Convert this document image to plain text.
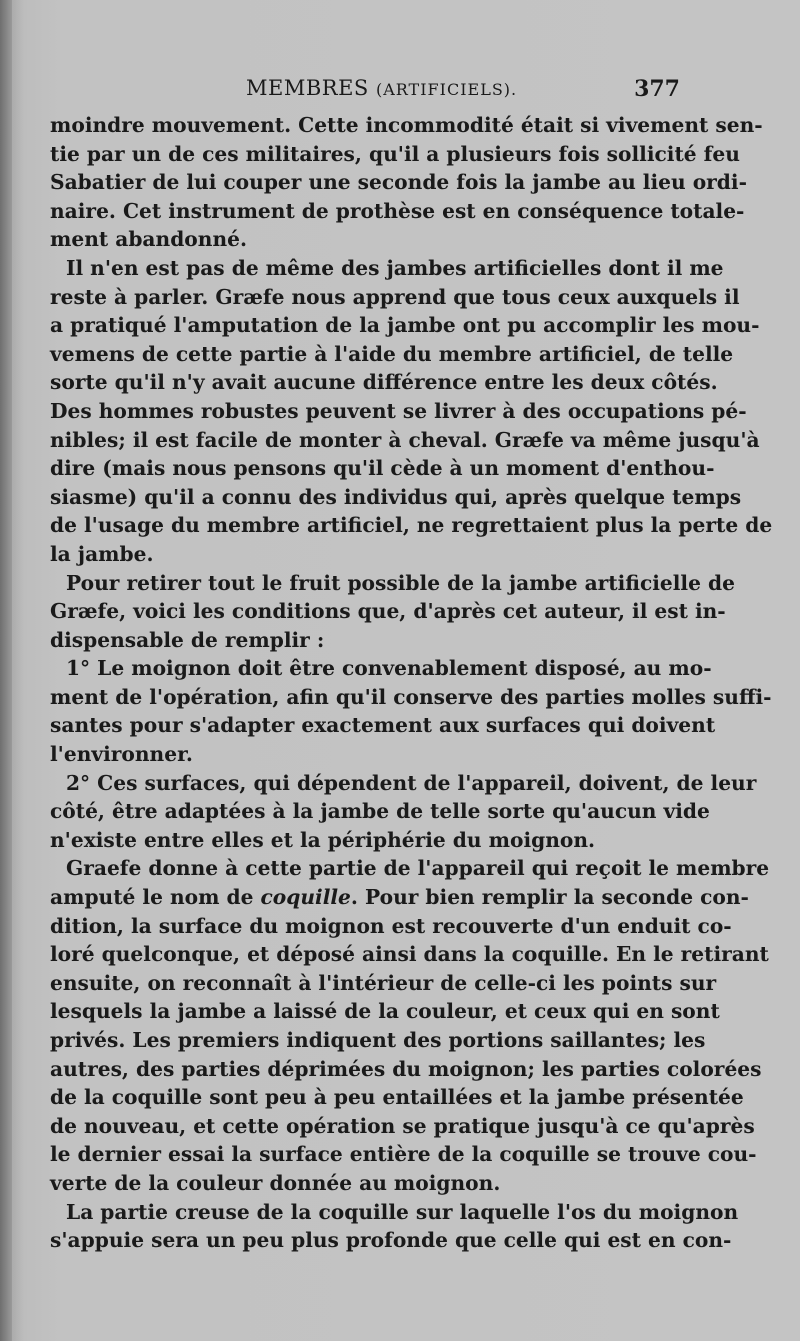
MEMBRES (ARTIFICIELS).	377
moindre mouvement. Cette incommodité était si vivement sen-
tie par un de ces militaires, qu'il a plusieurs fois sollicité feu
Sabatier de lui couper une seconde fois la jambe au lieu ordi-
naire. Cet instrument de prothèse est en conséquence totale-
ment abandonné.
Il n'en est pas de même des jambes artificielles dont il me
reste à parler. Græfe nous apprend que tous ceux auxquels il
a pratiqué l'amputation de la jambe ont pu accomplir les mou-
vemens de cette partie à l'aide du membre artificiel, de telle
sorte qu'il n'y avait aucune différence entre les deux côtés.
Des hommes robustes peuvent se livrer à des occupations pé-
nibles; il est facile de monter à cheval. Græfe va même jusqu'à
dire (mais nous pensons qu'il cède à un moment d'enthou-
siasme) qu'il a connu des individus qui, après quelque temps
de l'usage du membre artificiel, ne regrettaient plus la perte de
la jambe.
Pour retirer tout le fruit possible de la jambe artificielle de
Græfe, voici les conditions que, d'après cet auteur, il est in-
dispensable de remplir :
1° Le moignon doit être convenablement disposé, au mo-
ment de l'opération, afin qu'il conserve des parties molles suffi-
santes pour s'adapter exactement aux surfaces qui doivent
l'environner.
2° Ces surfaces, qui dépendent de l'appareil, doivent, de leur
côté, être adaptées à la jambe de telle sorte qu'aucun vide
n'existe entre elles et la périphérie du moignon.
Graefe donne à cette partie de l'appareil qui reçoit le membre
amputé le nom de coquille. Pour bien remplir la seconde con-
dition, la surface du moignon est recouverte d'un enduit co-
loré quelconque, et déposé ainsi dans la coquille. En le retirant
ensuite, on reconnaît à l'intérieur de celle-ci les points sur
lesquels la jambe a laissé de la couleur, et ceux qui en sont
privés. Les premiers indiquent des portions saillantes; les
autres, des parties déprimées du moignon; les parties colorées
de la coquille sont peu à peu entaillées et la jambe présentée
de nouveau, et cette opération se pratique jusqu'à ce qu'après
le dernier essai la surface entière de la coquille se trouve cou-
verte de la couleur donnée au moignon.
La partie creuse de la coquille sur laquelle l'os du moignon
s'appuie sera un peu plus profonde que celle qui est en con-
